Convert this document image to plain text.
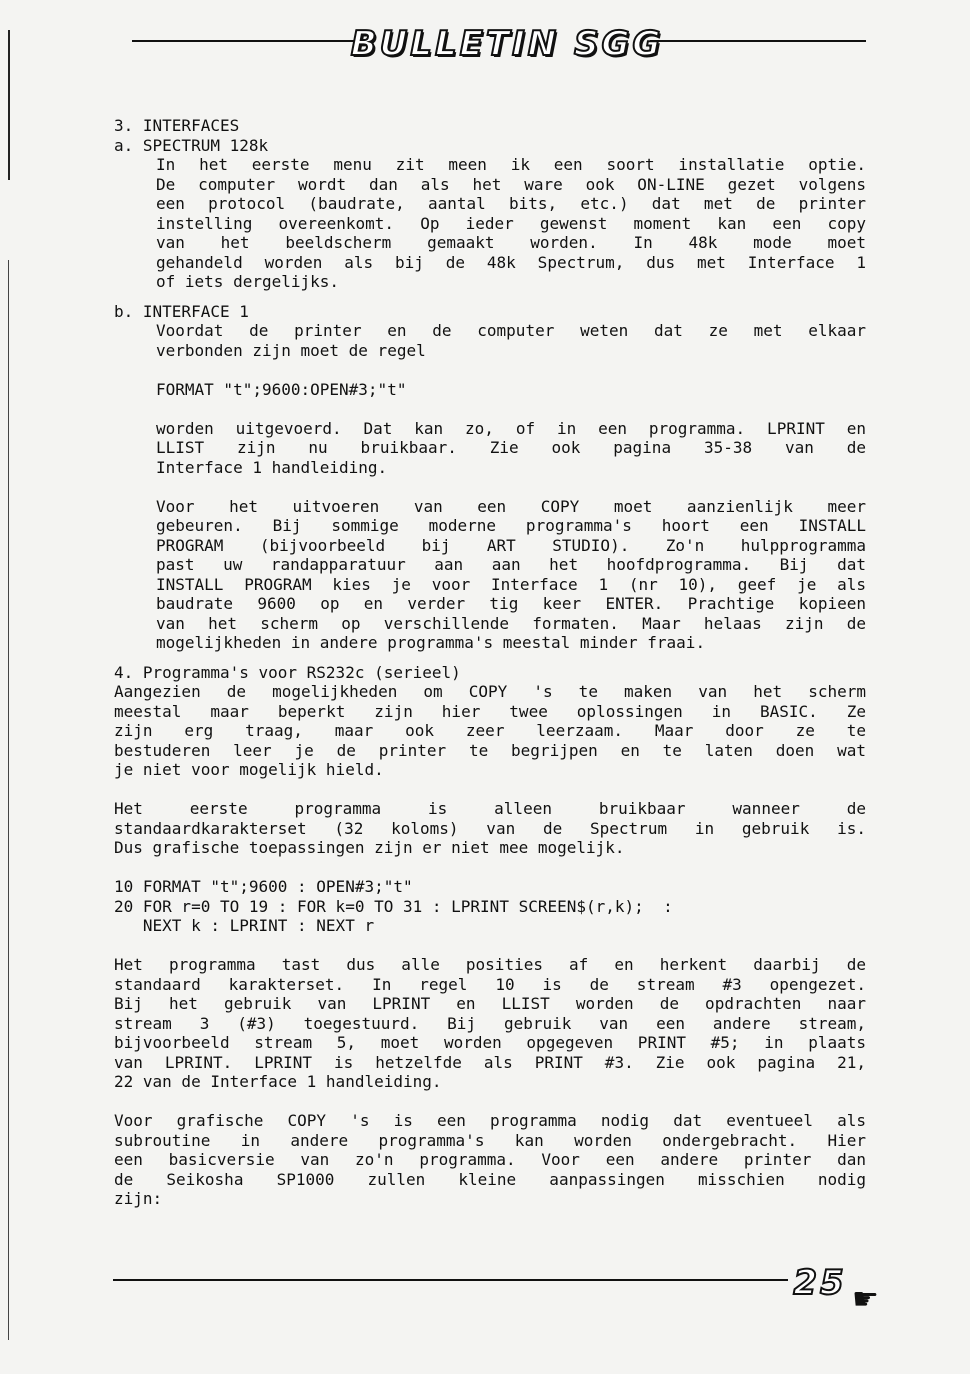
BULLETIN SGG
3. INTERFACES
a. SPECTRUM 128k
In het eerste menu zit meen ik een soort installatie optie.
De computer wordt dan als het ware ook ON-LINE gezet volgens
een protocol (baudrate, aantal bits, etc.) dat met de printer
instelling overeenkomt. Op ieder gewenst moment kan een copy
van het beeldscherm gemaakt worden. In 48k mode moet
gehandeld worden als bij de 48k Spectrum, dus met Interface 1
of iets dergelijks.
b. INTERFACE 1
Voordat de printer en de computer weten dat ze met elkaar
verbonden zijn moet de regel
FORMAT "t";9600:OPEN#3;"t"
worden uitgevoerd. Dat kan zo, of in een programma. LPRINT en
LLIST zijn nu bruikbaar. Zie ook pagina 35-38 van de
Interface 1 handleiding.
Voor het uitvoeren van een COPY moet aanzienlijk meer
gebeuren. Bij sommige moderne programma's hoort een INSTALL
PROGRAM (bijvoorbeeld bij ART STUDIO). Zo'n hulpprogramma
past uw randapparatuur aan aan het hoofdprogramma. Bij dat
INSTALL PROGRAM kies je voor Interface 1 (nr 10), geef je als
baudrate 9600 op en verder tig keer ENTER. Prachtige kopieen
van het scherm op verschillende formaten. Maar helaas zijn de
mogelijkheden in andere programma's meestal minder fraai.
4. Programma's voor RS232c (serieel)
Aangezien de mogelijkheden om COPY 's te maken van het scherm
meestal maar beperkt zijn hier twee oplossingen in BASIC. Ze
zijn erg traag, maar ook zeer leerzaam. Maar door ze te
bestuderen leer je de printer te begrijpen en te laten doen wat
je niet voor mogelijk hield.
Het eerste programma is alleen bruikbaar wanneer de
standaardkarakterset (32 koloms) van de Spectrum in gebruik is.
Dus grafische toepassingen zijn er niet mee mogelijk.
10 FORMAT "t";9600 : OPEN#3;"t"
20 FOR r=0 TO 19 : FOR k=0 TO 31 : LPRINT SCREEN$(r,k);  :
NEXT k : LPRINT : NEXT r
Het programma tast dus alle posities af en herkent daarbij de
standaard karakterset. In regel 10 is de stream #3 opengezet.
Bij het gebruik van LPRINT en LLIST worden de opdrachten naar
stream 3 (#3) toegestuurd. Bij gebruik van een andere stream,
bijvoorbeeld stream 5, moet worden opgegeven PRINT #5; in plaats
van LPRINT. LPRINT is hetzelfde als PRINT #3. Zie ook pagina 21,
22 van de Interface 1 handleiding.
Voor grafische COPY 's is een programma nodig dat eventueel als
subroutine in andere programma's kan worden ondergebracht. Hier
een basicversie van zo'n programma. Voor een andere printer dan
de Seikosha SP1000 zullen kleine aanpassingen misschien nodig
zijn:
25 ☛
